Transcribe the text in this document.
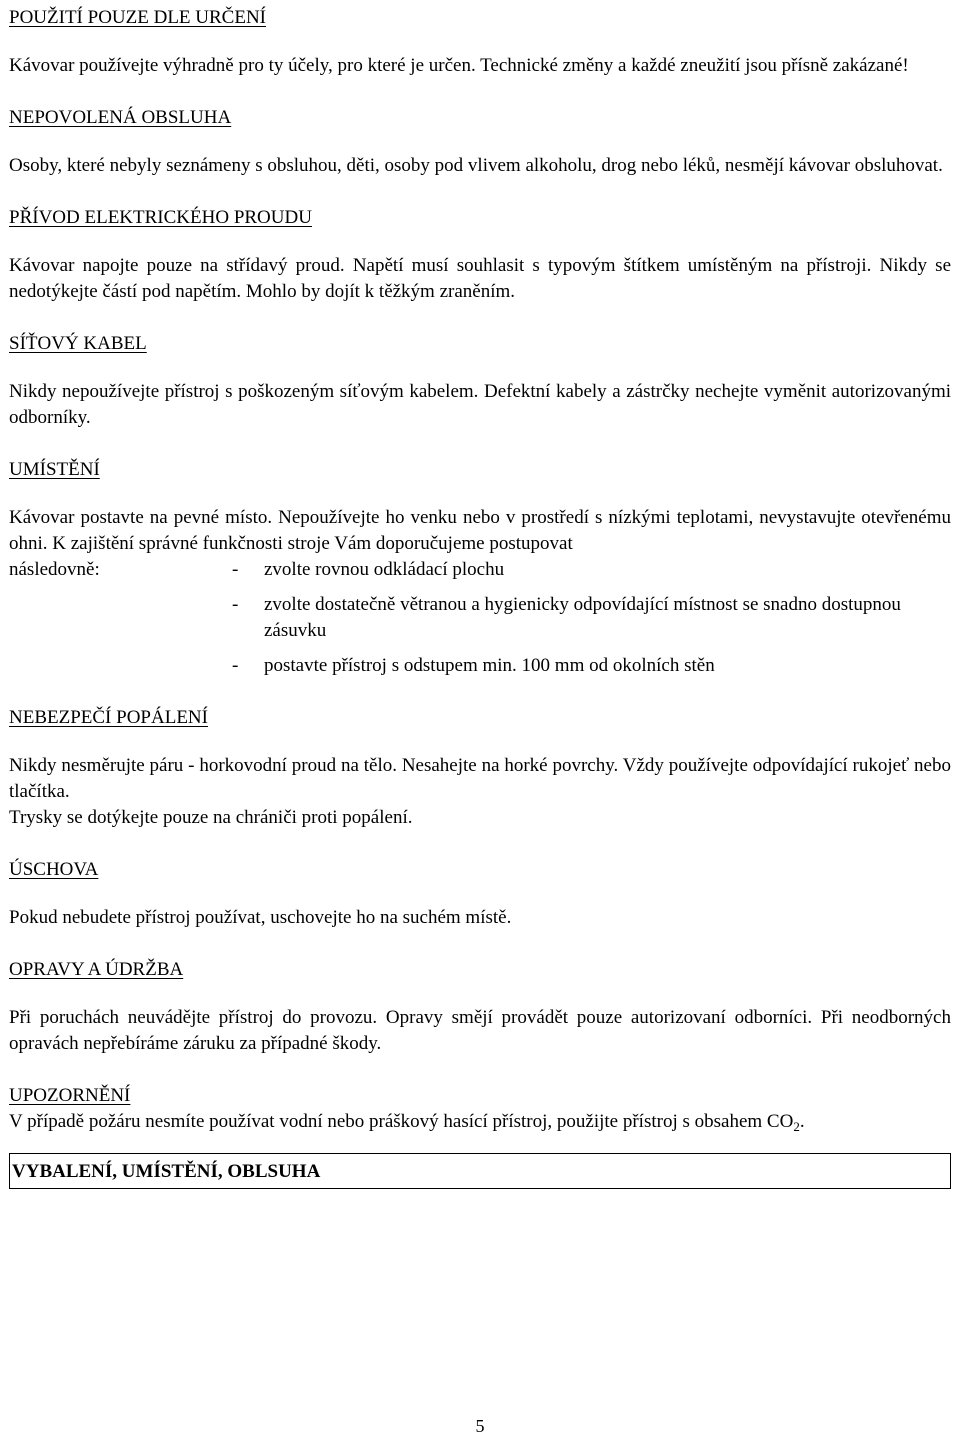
POUŽITÍ POUZE DLE URČENÍ

Kávovar používejte výhradně pro ty účely, pro které je určen. Technické změny a každé zneužití jsou přísně zakázané!

NEPOVOLENÁ OBSLUHA

Osoby, které nebyly seznámeny s obsluhou, děti, osoby pod vlivem alkoholu, drog nebo léků, nesmějí kávovar obsluhovat.

PŘÍVOD ELEKTRICKÉHO PROUDU

Kávovar napojte pouze na střídavý proud. Napětí musí souhlasit s typovým štítkem umístěným na přístroji. Nikdy se nedotýkejte částí pod napětím. Mohlo by dojít k těžkým zraněním.

SÍŤOVÝ KABEL

Nikdy nepoužívejte přístroj s poškozeným síťovým kabelem. Defektní kabely a zástrčky nechejte vyměnit autorizovanými odborníky.

UMÍSTĚNÍ

Kávovar postavte na pevné místo. Nepoužívejte ho venku nebo v prostředí s nízkými teplotami, nevystavujte otevřenému ohni. K zajištění správné funkčnosti stroje Vám doporučujeme postupovat

následovně:	-	zvolte rovnou odkládací plochu
-	zvolte dostatečně větranou a hygienicky odpovídající místnost se snadno dostupnou zásuvku
-	postavte přístroj s odstupem min. 100 mm od okolních stěn

NEBEZPEČÍ POPÁLENÍ

Nikdy nesměrujte páru - horkovodní proud na tělo. Nesahejte na horké povrchy. Vždy používejte odpovídající rukojeť nebo tlačítka.

Trysky se dotýkejte pouze na chrániči proti popálení.

ÚSCHOVA

Pokud nebudete přístroj používat, uschovejte ho na suchém místě.

OPRAVY A ÚDRŽBA

Při poruchách neuvádějte přístroj do provozu. Opravy smějí provádět pouze autorizovaní odborníci. Při neodborných opravách nepřebíráme záruku za případné škody.

UPOZORNĚNÍ

V případě požáru nesmíte používat vodní nebo práškový hasící přístroj, použijte přístroj s obsahem $CO_2$.

VYBALENÍ, UMÍSTĚNÍ, OBLSUHA
5
